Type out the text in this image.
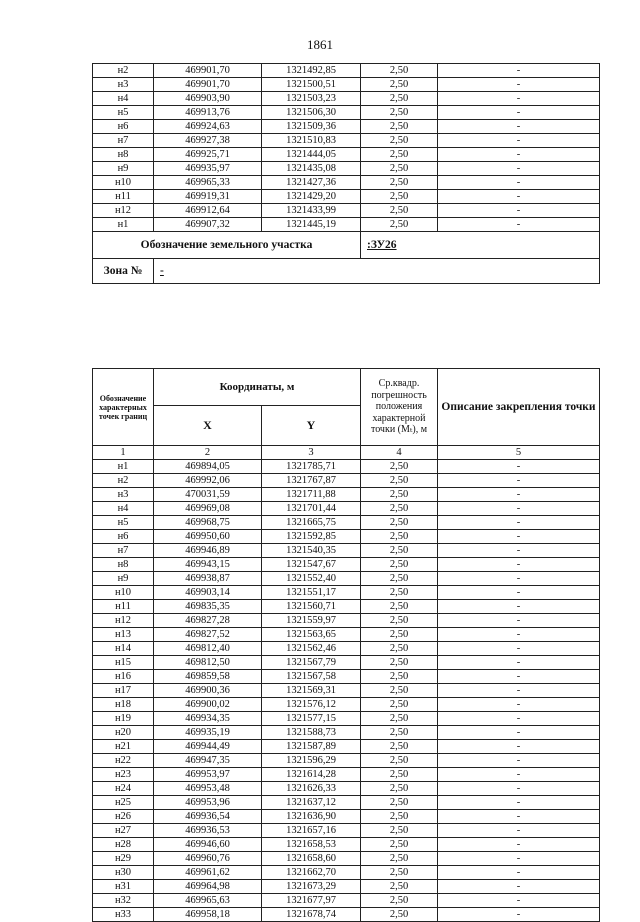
1861
н2	469901,70	1321492,85	2,50	-
н3	469901,70	1321500,51	2,50	-
н4	469903,90	1321503,23	2,50	-
н5	469913,76	1321506,30	2,50	-
н6	469924,63	1321509,36	2,50	-
н7	469927,38	1321510,83	2,50	-
н8	469925,71	1321444,05	2,50	-
н9	469935,97	1321435,08	2,50	-
н10	469965,33	1321427,36	2,50	-
н11	469919,31	1321429,20	2,50	-
н12	469912,64	1321433,99	2,50	-
н1	469907,32	1321445,19	2,50	-
Обозначение земельного участка			:ЗУ26	
Зона №	-			
Обозначение характерных точек границ	Координаты, м		Ср.квадр. погрешность положения характерной точки (Мₜ), м	Описание закрепления точки

	X	Y		
1	2	3	4	5
н1	469894,05	1321785,71	2,50	-
н2	469992,06	1321767,87	2,50	-
н3	470031,59	1321711,88	2,50	-
н4	469969,08	1321701,44	2,50	-
н5	469968,75	1321665,75	2,50	-
н6	469950,60	1321592,85	2,50	-
н7	469946,89	1321540,35	2,50	-
н8	469943,15	1321547,67	2,50	-
н9	469938,87	1321552,40	2,50	-
н10	469903,14	1321551,17	2,50	-
н11	469835,35	1321560,71	2,50	-
н12	469827,28	1321559,97	2,50	-
н13	469827,52	1321563,65	2,50	-
н14	469812,40	1321562,46	2,50	-
н15	469812,50	1321567,79	2,50	-
н16	469859,58	1321567,58	2,50	-
н17	469900,36	1321569,31	2,50	-
н18	469900,02	1321576,12	2,50	-
н19	469934,35	1321577,15	2,50	-
н20	469935,19	1321588,73	2,50	-
н21	469944,49	1321587,89	2,50	-
н22	469947,35	1321596,29	2,50	-
н23	469953,97	1321614,28	2,50	-
н24	469953,48	1321626,33	2,50	-
н25	469953,96	1321637,12	2,50	-
н26	469936,54	1321636,90	2,50	-
н27	469936,53	1321657,16	2,50	-
н28	469946,60	1321658,53	2,50	-
н29	469960,76	1321658,60	2,50	-
н30	469961,62	1321662,70	2,50	-
н31	469964,98	1321673,29	2,50	-
н32	469965,63	1321677,97	2,50	-
н33	469958,18	1321678,74	2,50	-
